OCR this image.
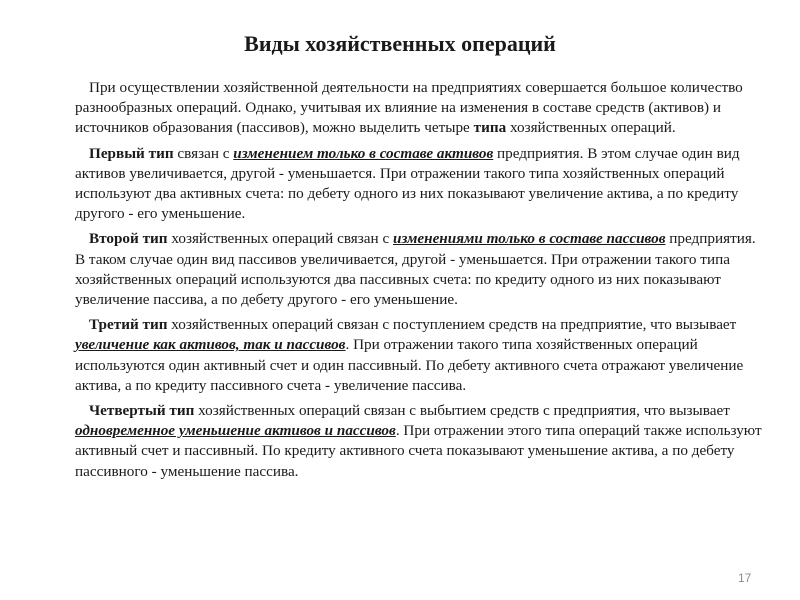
Виды хозяйственных операций

При осуществлении хозяйственной деятельности на предприятиях совершается большое количество разнообразных операций. Однако, учитывая их влияние на изменения в составе средств (активов) и источников образования (пассивов), можно выделить четыре типа хозяйственных операций.

Первый тип связан с изменением только в составе активов предприятия. В этом случае один вид активов увеличивается, другой - уменьшается. При отражении такого типа хозяйственных операций используют два активных счета: по дебету одного из них показывают увеличение актива, а по кредиту другого - его уменьшение.

Второй тип хозяйственных операций связан с изменениями только в составе пассивов предприятия. В таком случае один вид пассивов увеличивается, другой - уменьшается. При отражении такого типа хозяйственных операций используются два пассивных счета: по кредиту одного из них показывают увеличение пассива, а по дебету другого - его уменьшение.

Третий тип хозяйственных операций связан с поступлением средств на предприятие, что вызывает увеличение как активов, так и пассивов. При отражении такого типа хозяйственных операций используются один активный счет и один пассивный. По дебету активного счета отражают увеличение актива, а по кредиту пассивного счета - увеличение пассива.

Четвертый тип хозяйственных операций связан с выбытием средств с предприятия, что вызывает одновременное уменьшение активов и пассивов. При отражении этого типа операций также используют активный счет и пассивный. По кредиту активного счета показывают уменьшение актива, а по дебету пассивного - уменьшение пассива.

17
